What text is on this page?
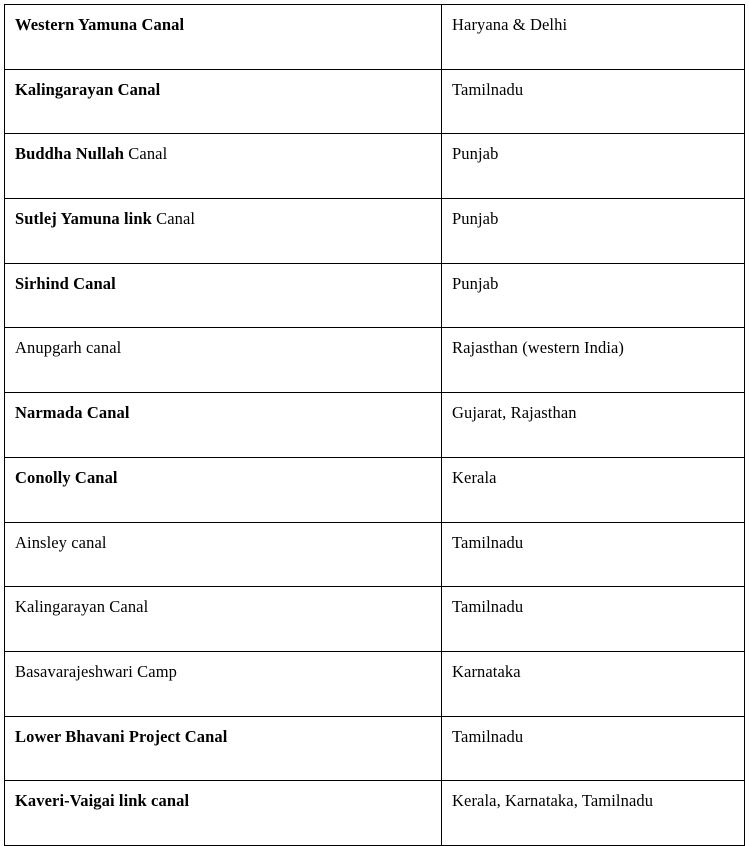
Western Yamuna Canal	Haryana & Delhi
Kalingarayan Canal	Tamilnadu
Buddha Nullah Canal	Punjab
Sutlej Yamuna link Canal	Punjab
Sirhind Canal	Punjab
Anupgarh canal	Rajasthan (western India)
Narmada Canal	Gujarat, Rajasthan
Conolly Canal	Kerala
Ainsley canal	Tamilnadu
Kalingarayan Canal	Tamilnadu
Basavarajeshwari Camp	Karnataka
Lower Bhavani Project Canal	Tamilnadu
Kaveri-Vaigai link canal	Kerala, Karnataka, Tamilnadu
